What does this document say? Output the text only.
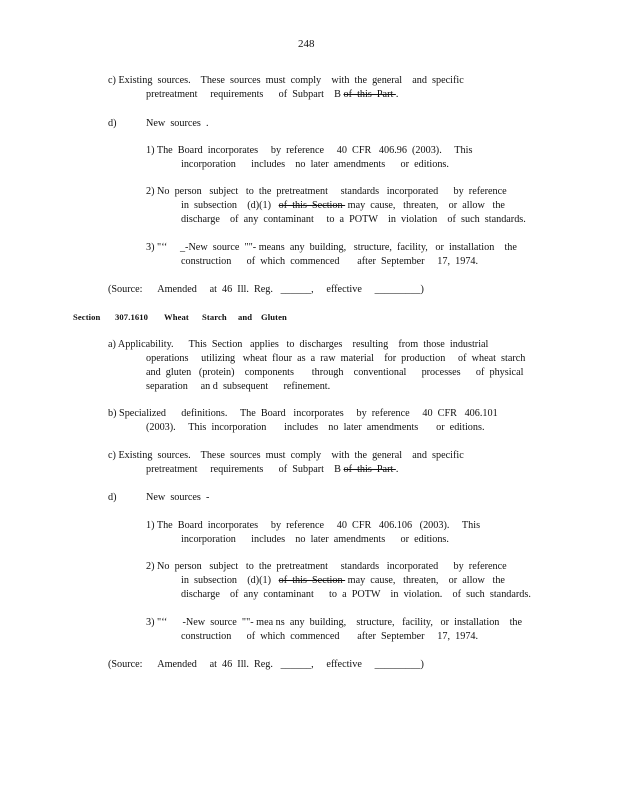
248
c) Existing  sources.    These  sources  must  comply    with  the  general    and  specific
pretreatment     requirements      of  Subpart    B of  this  Part .
d)	New  sources  .
1) The  Board  incorporates     by  reference     40  CFR   406.96  (2003).     This
incorporation      includes    no  later  amendments      or  editions.
2) No  person   subject   to  the  pretreatment     standards   incorporated      by  reference
in  subsection    (d)(1)   of  this  Section  may  cause,   threaten,    or  allow   the
discharge    of  any  contaminant     to  a  POTW    in  violation    of  such  standards.
3) "‘‘     _-New  source  ""- means  any  building,   structure,  facility,   or  installation    the
construction      of  which  commenced       after  September     17,  1974.
(Source:      Amended     at  46  Ill.  Reg.   ______,     effective     _________)
Section 307.1610 Wheat Starch and Gluten
a) Applicability.      This  Section   applies   to  discharges    resulting    from  those  industrial
operations     utilizing   wheat  flour  as  a  raw  material    for  production     of  wheat  starch
and  gluten   (protein)    components       through    conventional      processes      of  physical
separation     an d  subsequent      refinement.
b) Specialized      definitions.     The  Board   incorporates     by  reference     40  CFR   406.101
(2003).     This  incorporation       includes    no  later  amendments       or  editions.
c) Existing  sources.    These  sources  must  comply    with  the  general    and  specific
pretreatment     requirements      of  Subpart    B of  this  Part .
d)	New  sources  -
1) The  Board  incorporates     by  reference     40  CFR   406.106   (2003).     This
incorporation      includes    no  later  amendments      or  editions.
2) No  person   subject   to  the  pretreatment     standards   incorporated      by  reference
in  subsection    (d)(1)   of  this  Section  may  cause,   threaten,    or  allow   the
discharge    of  any  contaminant      to  a  POTW    in  violation.    of  such  standards.
3) "‘‘      -New  source  ""- mea ns  any  building,    structure,   facility,   or  installation    the
construction      of  which  commenced       after  September     17,  1974.
(Source:      Amended     at  46  Ill.  Reg.   ______,     effective     _________)
